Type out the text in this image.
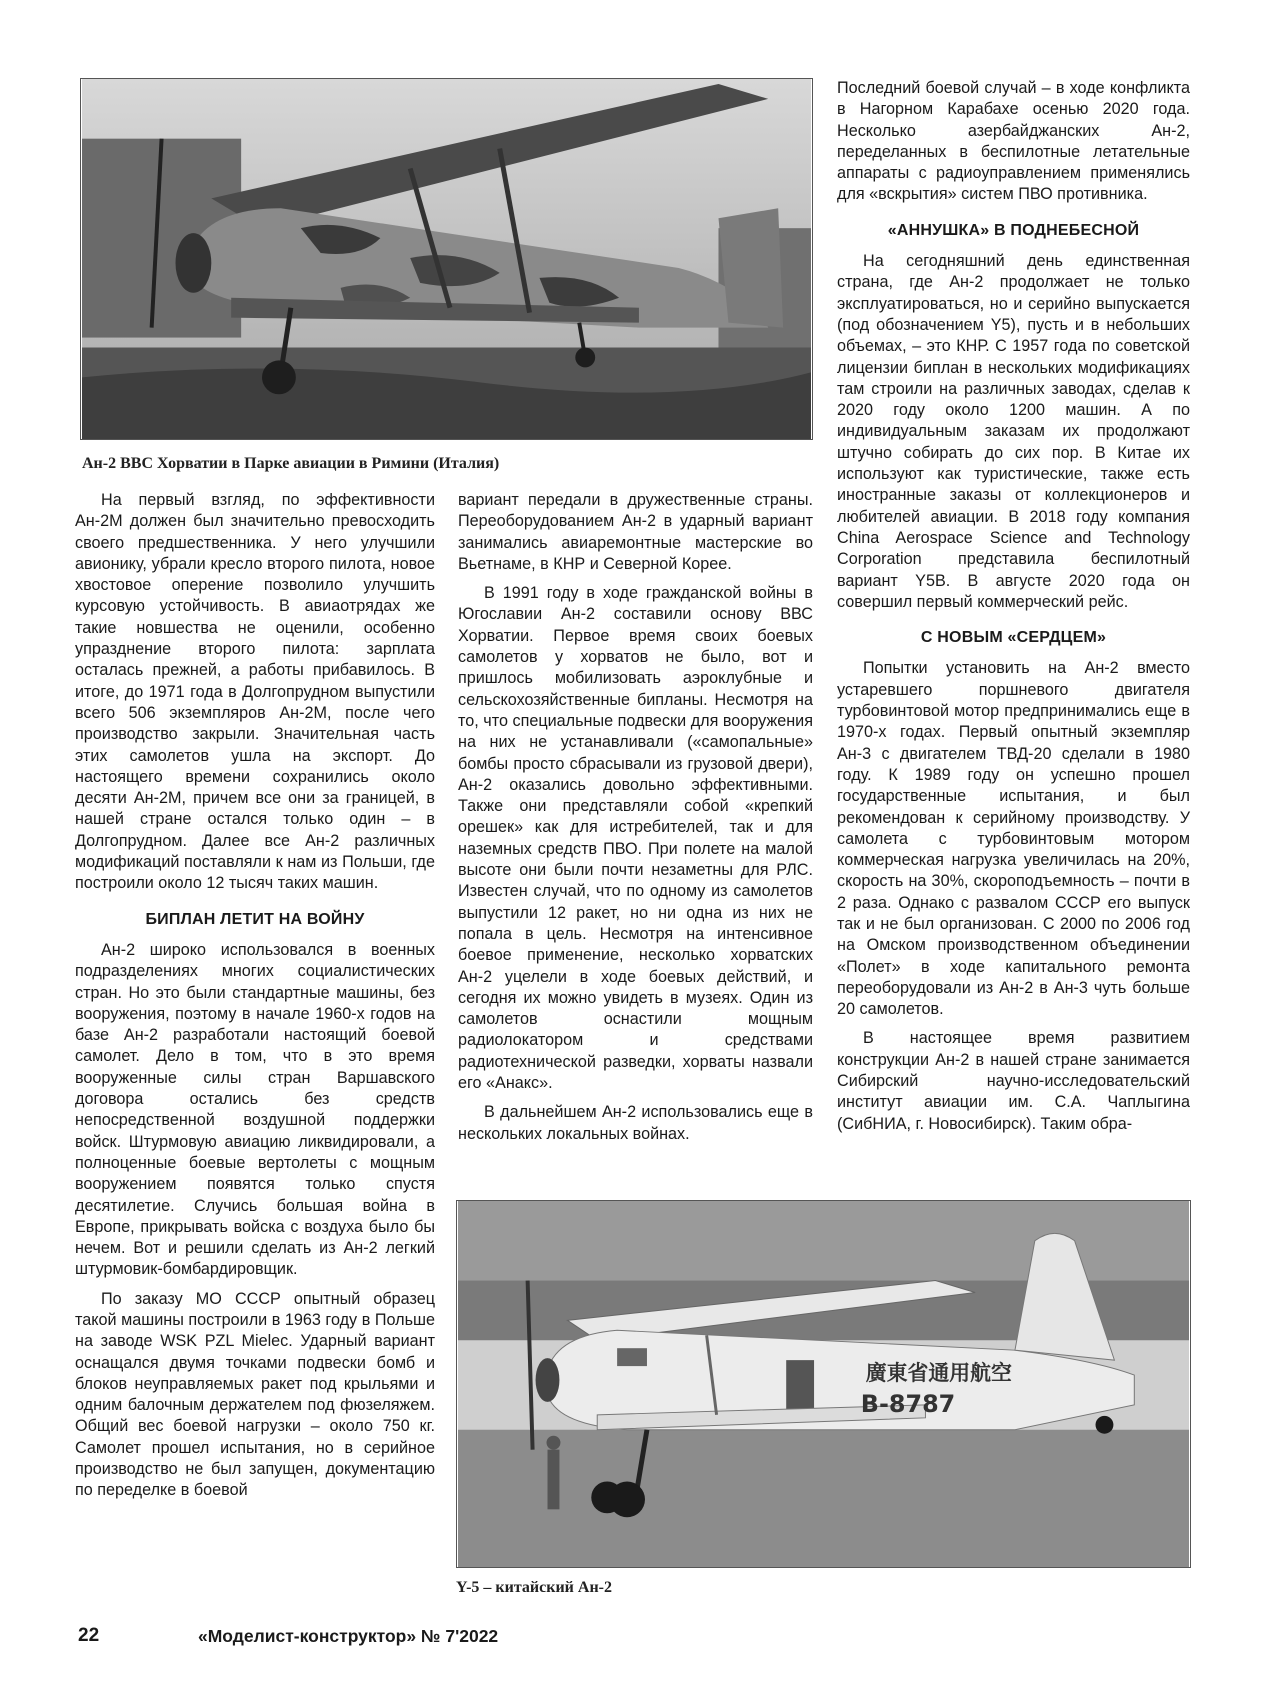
Ан-2 ВВС Хорватии в Парке авиации в Римини (Италия)

На первый взгляд, по эффективности Ан-2М должен был значительно превосходить своего предшественника. У него улучшили авионику, убрали кресло второго пилота, новое хвостовое оперение позволило улучшить курсовую устойчивость. В авиаотрядах же такие новшества не оценили, особенно упразднение второго пилота: зарплата осталась прежней, а работы прибавилось. В итоге, до 1971 года в Долгопрудном выпустили всего 506 экземпляров Ан-2М, после чего производство закрыли. Значительная часть этих самолетов ушла на экспорт. До настоящего времени сохранились около десяти Ан-2М, причем все они за границей, в нашей стране остался только один – в Долгопрудном. Далее все Ан-2 различных модификаций поставляли к нам из Польши, где построили около 12 тысяч таких машин.

БИПЛАН ЛЕТИТ НА ВОЙНУ

Ан-2 широко использовался в военных подразделениях многих социалистических стран. Но это были стандартные машины, без вооружения, поэтому в начале 1960-х годов на базе Ан-2 разработали настоящий боевой самолет. Дело в том, что в это время вооруженные силы стран Варшавского договора остались без средств непосредственной воздушной поддержки войск. Штурмовую авиацию ликвидировали, а полноценные боевые вертолеты с мощным вооружением появятся только спустя десятилетие. Случись большая война в Европе, прикрывать войска с воздуха было бы нечем. Вот и решили сделать из Ан-2 легкий штурмовик-бомбардировщик.

По заказу МО СССР опытный образец такой машины построили в 1963 году в Польше на заводе WSK PZL Mielec. Ударный вариант оснащался двумя точками подвески бомб и блоков неуправляемых ракет под крыльями и одним балочным держателем под фюзеляжем. Общий вес боевой нагрузки – около 750 кг. Самолет прошел испытания, но в серийное производство не был запущен, документацию по переделке в боевой

вариант передали в дружественные страны. Переоборудованием Ан-2 в ударный вариант занимались авиаремонтные мастерские во Вьетнаме, в КНР и Северной Корее.

В 1991 году в ходе гражданской войны в Югославии Ан-2 составили основу ВВС Хорватии. Первое время своих боевых самолетов у хорватов не было, вот и пришлось мобилизовать аэроклубные и сельскохозяйственные бипланы. Несмотря на то, что специальные подвески для вооружения на них не устанавливали («самопальные» бомбы просто сбрасывали из грузовой двери), Ан-2 оказались довольно эффективными. Также они представляли собой «крепкий орешек» как для истребителей, так и для наземных средств ПВО. При полете на малой высоте они были почти незаметны для РЛС. Известен случай, что по одному из самолетов выпустили 12 ракет, но ни одна из них не попала в цель. Несмотря на интенсивное боевое применение, несколько хорватских Ан-2 уцелели в ходе боевых действий, и сегодня их можно увидеть в музеях. Один из самолетов оснастили мощным радиолокатором и средствами радиотехнической разведки, хорваты назвали его «Анакс».

В дальнейшем Ан-2 использовались еще в нескольких локальных войнах.

Последний боевой случай – в ходе конфликта в Нагорном Карабахе осенью 2020 года. Несколько азербайджанских Ан-2, переделанных в беспилотные летательные аппараты с радиоуправлением применялись для «вскрытия» систем ПВО противника.

«АННУШКА» В ПОДНЕБЕСНОЙ

На сегодняшний день единственная страна, где Ан-2 продолжает не только эксплуатироваться, но и серийно выпускается (под обозначением Y5), пусть и в небольших объемах, – это КНР. С 1957 года по советской лицензии биплан в нескольких модификациях там строили на различных заводах, сделав к 2020 году около 1200 машин. А по индивидуальным заказам их продолжают штучно собирать до сих пор. В Китае их используют как туристические, также есть иностранные заказы от коллекционеров и любителей авиации. В 2018 году компания China Aerospace Science and Technology Corporation представила беспилотный вариант Y5B. В августе 2020 года он совершил первый коммерческий рейс.

С НОВЫМ «СЕРДЦЕМ»

Попытки установить на Ан-2 вместо устаревшего поршневого двигателя турбовинтовой мотор предпринимались еще в 1970-х годах. Первый опытный экземпляр Ан-3 с двигателем ТВД-20 сделали в 1980 году. К 1989 году он успешно прошел государственные испытания, и был рекомендован к серийному производству. У самолета с турбовинтовым мотором коммерческая нагрузка увеличилась на 20%, скорость на 30%, скороподъемность – почти в 2 раза. Однако с развалом СССР его выпуск так и не был организован. С 2000 по 2006 год на Омском производственном объединении «Полет» в ходе капитального ремонта переоборудовали из Ан-2 в Ан-3 чуть больше 20 самолетов.

В настоящее время развитием конструкции Ан-2 в нашей стране занимается Сибирский научно-исследовательский институт авиации им. С.А. Чаплыгина (СибНИА, г. Новосибирск). Таким обра-

廣東省通用航空
B-8787
Y-5 – китайский Ан-2
22	«Моделист-конструктор» № 7'2022
